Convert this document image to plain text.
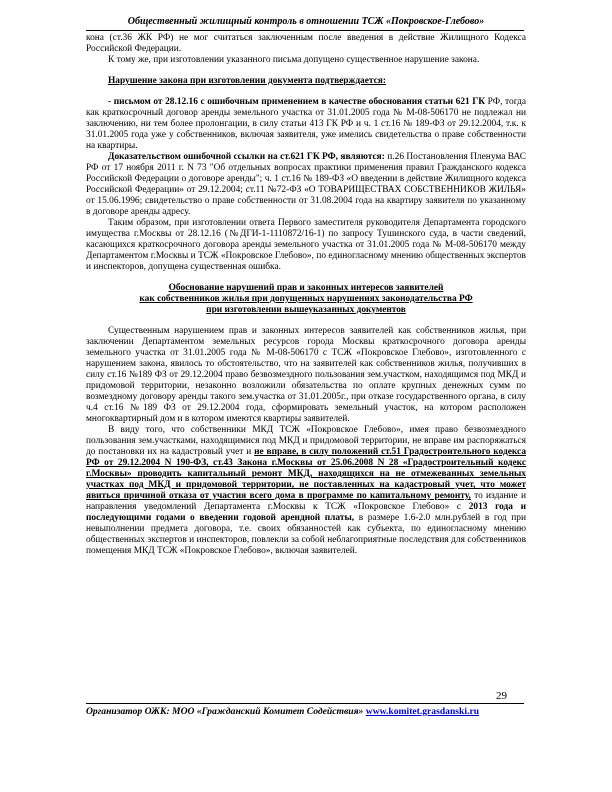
Общественный жилищный контроль в отношении ТСЖ «Покровское-Глебово»

кона (ст.36 ЖК РФ) не мог считаться заключенным после введения в действие Жилищного Кодекса Российской Федерации.

К тому же, при изготовлении указанного письма допущено существенное нарушение закона.

Нарушение закона при изготовлении документа подтверждается:

- письмом от 28.12.16 с ошибочным применением в качестве обоснования статьи 621 ГК РФ, тогда как краткосрочный договор аренды земельного участка от 31.01.2005 года № М-08-506170 не подлежал ни заключению, ни тем более пролонгации, в силу статьи 413 ГК РФ и ч. 1 ст.16 № 189-ФЗ от 29.12.2004, т.к. к 31.01.2005 года уже у собственников, включая заявителя, уже имелись свидетельства о праве собственности на квартиры.

Доказательством ошибочной ссылки на ст.621 ГК РФ, являются: п.26 Постановления Пленума ВАС РФ от 17 ноября 2011 г. N 73 "Об отдельных вопросах практики применения правил Гражданского кодекса Российской Федерации о договоре аренды"; ч. 1 ст.16 № 189-ФЗ «О введении в действие Жилищного кодекса Российской Федерации» от 29.12.2004; ст.11 №72-ФЗ «О ТОВАРИЩЕСТВАХ СОБСТВЕННИКОВ ЖИЛЬЯ» от 15.06.1996; свидетельство о праве собственности от 31.08.2004 года на квартиру заявителя по указанному в договоре аренды адресу.

Таким образом, при изготовлении ответа Первого заместителя руководителя Департамента городского имущества г.Москвы от 28.12.16 (№ДГИ-1-1110872/16-1) по запросу Тушинского суда, в части сведений, касающихся краткосрочного договора аренды земельного участка от 31.01.2005 года № М-08-506170 между Департаментом г.Москвы и ТСЖ «Покровское Глебово», по единогласному мнению общественных экспертов и инспекторов, допущена существенная ошибка.

Обоснование нарушений прав и законных интересов заявителей

как собственников жилья при допущенных нарушениях законодательства РФ

при изготовлении вышеуказанных документов

Существенным нарушением прав и законных интересов заявителей как собственников жилья, при заключении Департаментом земельных ресурсов города Москвы краткосрочного договора аренды земельного участка от 31.01.2005 года № М-08-506170 с ТСЖ «Покровское Глебово», изготовленного с нарушением закона, явилось то обстоятельство, что на заявителей как собственников жилья, получивших в силу ст.16 №189 ФЗ от 29.12.2004 право безвозмездного пользования зем.участком, находящимся под МКД и придомовой территории, незаконно возложили обязательства по оплате крупных денежных сумм по возмездному договору аренды такого зем.участка от 31.01.2005г., при отказе государственного органа, в силу ч.4 ст.16 №189 ФЗ от 29.12.2004 года, сформировать земельный участок, на котором расположен многоквартирный дом и в котором имеются квартиры заявителей.

В виду того, что собственники МКД ТСЖ «Покровское Глебово», имея право безвозмездного пользования зем.участками, находящимися под МКД и придомовой территории, не вправе им распоряжаться до постановки их на кадастровый учет и не вправе, в силу положений ст.51 Градостроительного кодекса РФ от 29.12.2004 N 190-ФЗ, ст.43 Закона г.Москвы от 25.06.2008 N 28 «Градостроительный кодекс г.Москвы» проводить капитальный ремонт МКД, находящихся на не отмежеванных земельных участках под МКД и придомовой территории, не поставленных на кадастровый учет, что может явиться причиной отказа от участия всего дома в программе по капитальному ремонту, то издание и направления уведомлений Департамента г.Москвы к ТСЖ «Покровское Глебово» с 2013 года и последующими годами о введении годовой арендной платы, в размере 1.6-2.0 млн.рублей в год при невыполнении предмета договора, т.е. своих обязанностей как субъекта, по единогласному мнению общественных экспертов и инспекторов, повлекли за собой неблагоприятные последствия для собственников помещения МКД ТСЖ «Покровское Глебово», включая заявителей.

29
Организатор ОЖК: МОО «Гражданский Комитет Содействия» www.komitet.grasdanski.ru
